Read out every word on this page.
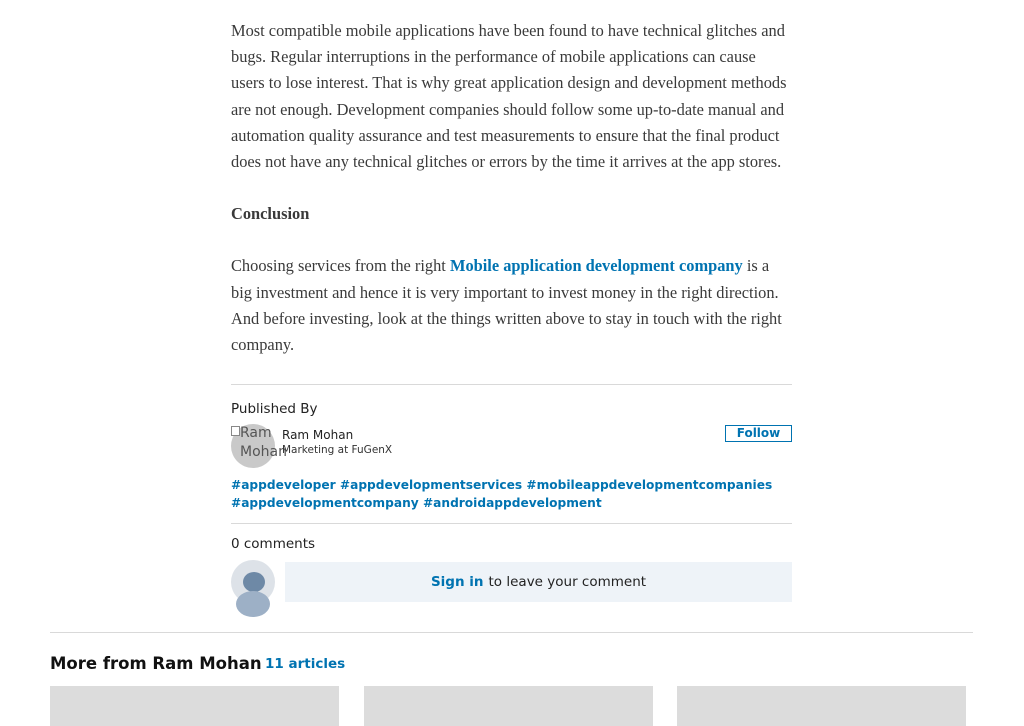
Most compatible mobile applications have been found to have technical glitches and bugs. Regular interruptions in the performance of mobile applications can cause users to lose interest. That is why great application design and development methods are not enough. Development companies should follow some up-to-date manual and automation quality assurance and test measurements to ensure that the final product does not have any technical glitches or errors by the time it arrives at the app stores.

Conclusion

Choosing services from the right Mobile application development company is a big investment and hence it is very important to invest money in the right direction. And before investing, look at the things written above to stay in touch with the right company.

Published By
Ram Mohan
Ram Mohan
Marketing at FuGenX
Follow
#appdeveloper #appdevelopmentservices #mobileappdevelopmentcompanies
#appdevelopmentcompany #androidappdevelopment
0 comments
Sign in to leave your comment
More from Ram Mohan 11 articles
